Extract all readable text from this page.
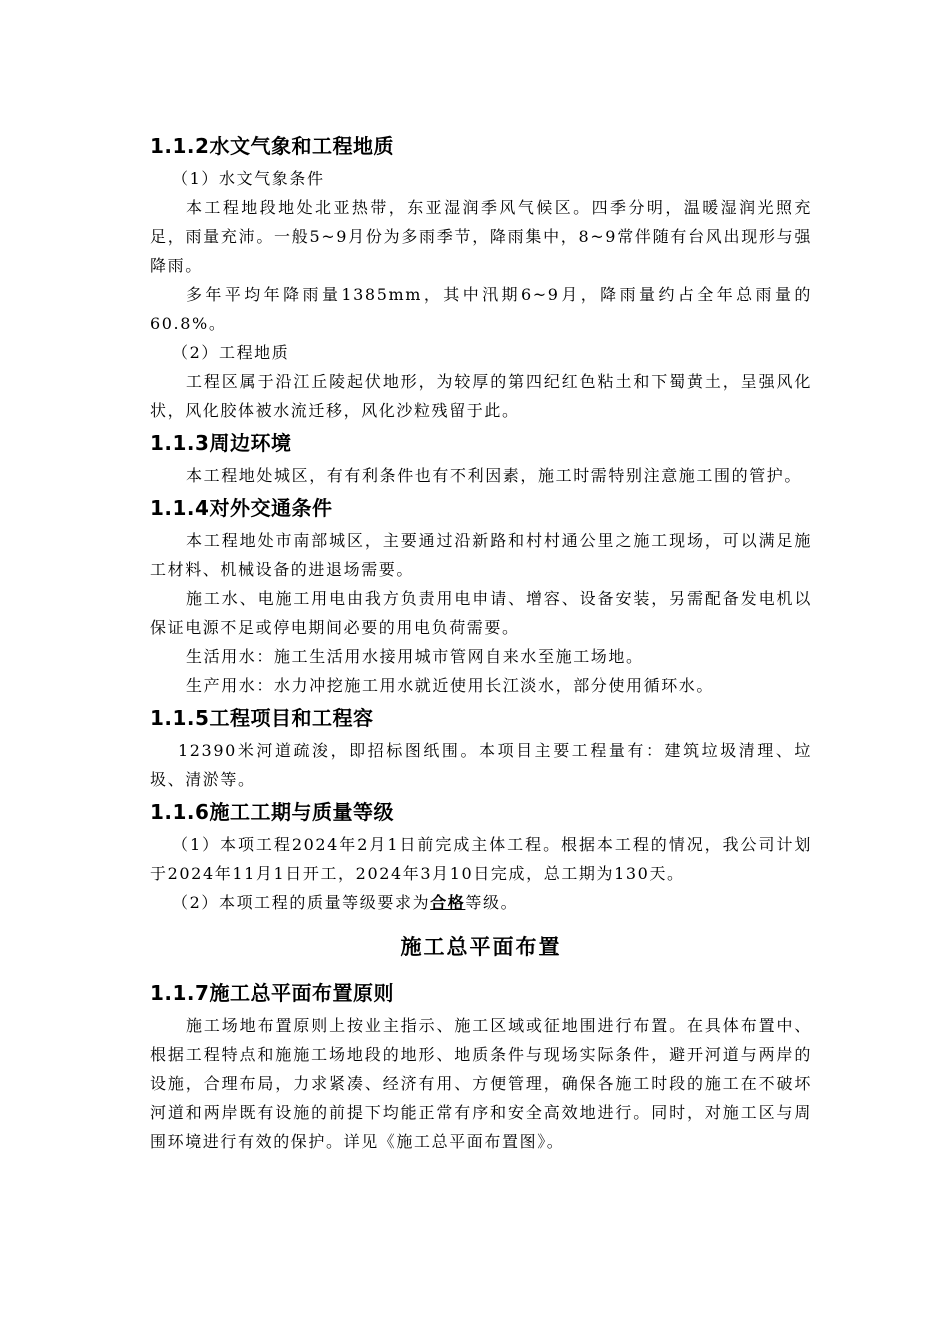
1.1.2水文气象和工程地质

（1）水文气象条件

本工程地段地处北亚热带，东亚湿润季风气候区。四季分明，温暖湿润光照充足，雨量充沛。一般5~9月份为多雨季节，降雨集中，8~9常伴随有台风出现形与强降雨。

多年平均年降雨量1385mm，其中汛期6~9月，降雨量约占全年总雨量的60.8%。

（2）工程地质

工程区属于沿江丘陵起伏地形，为较厚的第四纪红色粘土和下蜀黄土，呈强风化状，风化胶体被水流迁移，风化沙粒残留于此。

1.1.3周边环境

本工程地处城区，有有利条件也有不利因素，施工时需特别注意施工围的管护。

1.1.4对外交通条件

本工程地处市南部城区，主要通过沿新路和村村通公里之施工现场，可以满足施工材料、机械设备的进退场需要。

施工水、电施工用电由我方负责用电申请、增容、设备安装，另需配备发电机以保证电源不足或停电期间必要的用电负荷需要。

生活用水：施工生活用水接用城市管网自来水至施工场地。

生产用水：水力冲挖施工用水就近使用长江淡水，部分使用循环水。

1.1.5工程项目和工程容

12390米河道疏浚，即招标图纸围。本项目主要工程量有：建筑垃圾清理、垃圾、清淤等。

1.1.6施工工期与质量等级

（1）本项工程2024年2月1日前完成主体工程。根据本工程的情况，我公司计划于2024年11月1日开工，2024年3月10日完成，总工期为130天。

（2）本项工程的质量等级要求为合格等级。

施工总平面布置
1.1.7施工总平面布置原则

施工场地布置原则上按业主指示、施工区域或征地围进行布置。在具体布置中、根据工程特点和施施工场地段的地形、地质条件与现场实际条件，避开河道与两岸的设施，合理布局，力求紧凑、经济有用、方便管理，确保各施工时段的施工在不破坏河道和两岸既有设施的前提下均能正常有序和安全高效地进行。同时，对施工区与周围环境进行有效的保护。详见《施工总平面布置图》。
